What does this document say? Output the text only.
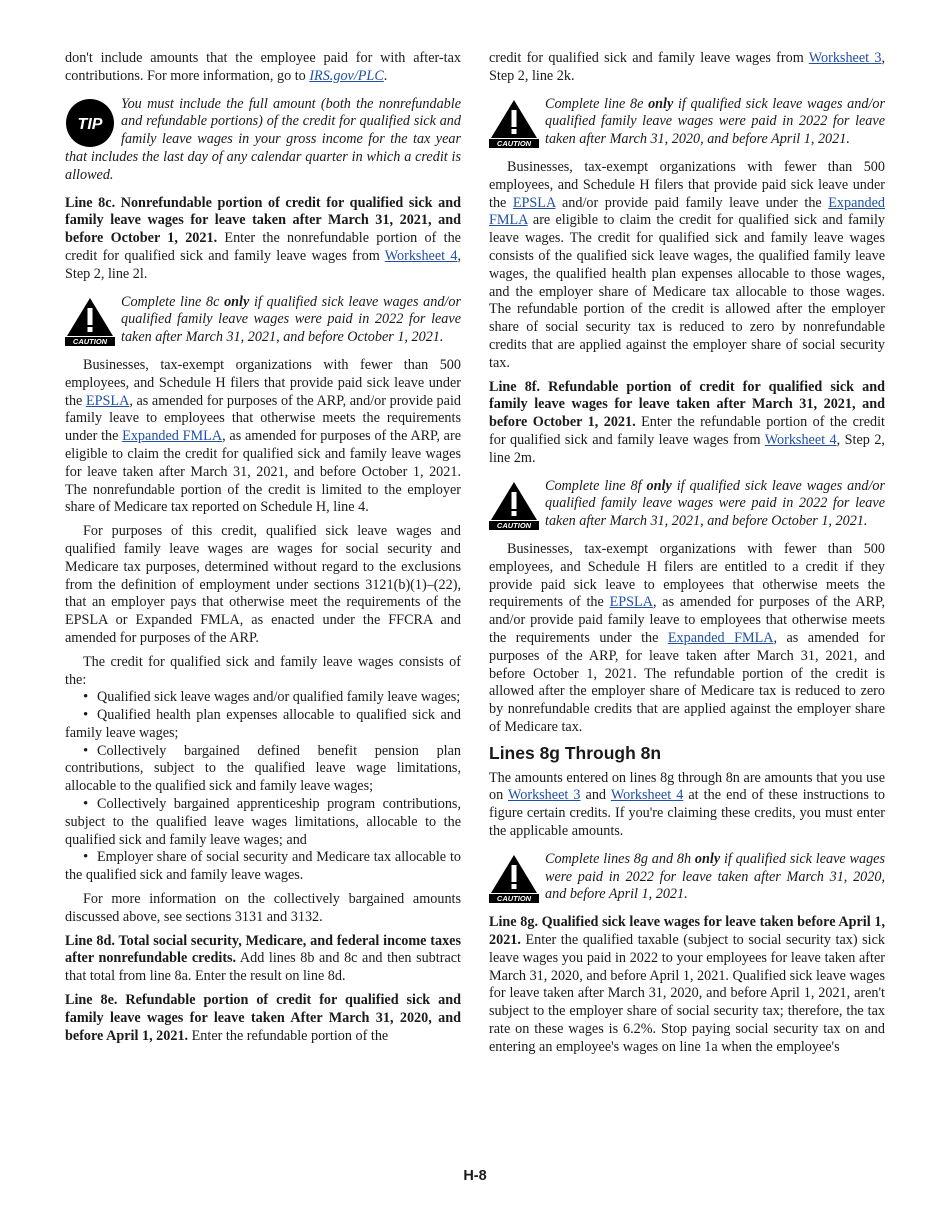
don't include amounts that the employee paid for with after-tax contributions. For more information, go to IRS.gov/PLC.

TIP
You must include the full amount (both the nonrefundable and refundable portions) of the credit for qualified sick and family leave wages in your gross income for the tax year that includes the last day of any calendar quarter in which a credit is allowed.

Line 8c. Nonrefundable portion of credit for qualified sick and family leave wages for leave taken after March 31, 2021, and before October 1, 2021. Enter the nonrefundable portion of the credit for qualified sick and family leave wages from Worksheet 4, Step 2, line 2l.

CAUTION
Complete line 8c only if qualified sick leave wages and/or qualified family leave wages were paid in 2022 for leave taken after March 31, 2021, and before October 1, 2021.

Businesses, tax-exempt organizations with fewer than 500 employees, and Schedule H filers that provide paid sick leave under the EPSLA, as amended for purposes of the ARP, and/or provide paid family leave to employees that otherwise meets the requirements under the Expanded FMLA, as amended for purposes of the ARP, are eligible to claim the credit for qualified sick and family leave wages for leave taken after March 31, 2021, and before October 1, 2021. The nonrefundable portion of the credit is limited to the employer share of Medicare tax reported on Schedule H, line 4.

For purposes of this credit, qualified sick leave wages and qualified family leave wages are wages for social security and Medicare tax purposes, determined without regard to the exclusions from the definition of employment under sections 3121(b)(1)–(22), that an employer pays that otherwise meet the requirements of the EPSLA or Expanded FMLA, as enacted under the FFCRA and amended for purposes of the ARP.

The credit for qualified sick and family leave wages consists of the:

• Qualified sick leave wages and/or qualified family leave wages;

• Qualified health plan expenses allocable to qualified sick and family leave wages;

• Collectively bargained defined benefit pension plan contributions, subject to the qualified leave wage limitations, allocable to the qualified sick and family leave wages;

• Collectively bargained apprenticeship program contributions, subject to the qualified leave wages limitations, allocable to the qualified sick and family leave wages; and

• Employer share of social security and Medicare tax allocable to the qualified sick and family leave wages.

For more information on the collectively bargained amounts discussed above, see sections 3131 and 3132.

Line 8d. Total social security, Medicare, and federal income taxes after nonrefundable credits. Add lines 8b and 8c and then subtract that total from line 8a. Enter the result on line 8d.

Line 8e. Refundable portion of credit for qualified sick and family leave wages for leave taken After March 31, 2020, and before April 1, 2021. Enter the refundable portion of the

credit for qualified sick and family leave wages from Worksheet 3, Step 2, line 2k.

CAUTION
Complete line 8e only if qualified sick leave wages and/or qualified family leave wages were paid in 2022 for leave taken after March 31, 2020, and before April 1, 2021.

Businesses, tax-exempt organizations with fewer than 500 employees, and Schedule H filers that provide paid sick leave under the EPSLA and/or provide paid family leave under the Expanded FMLA are eligible to claim the credit for qualified sick and family leave wages. The credit for qualified sick and family leave wages consists of the qualified sick leave wages, the qualified family leave wages, the qualified health plan expenses allocable to those wages, and the employer share of Medicare tax allocable to those wages. The refundable portion of the credit is allowed after the employer share of social security tax is reduced to zero by nonrefundable credits that are applied against the employer share of social security tax.

Line 8f. Refundable portion of credit for qualified sick and family leave wages for leave taken after March 31, 2021, and before October 1, 2021. Enter the refundable portion of the credit for qualified sick and family leave wages from Worksheet 4, Step 2, line 2m.

CAUTION
Complete line 8f only if qualified sick leave wages and/or qualified family leave wages were paid in 2022 for leave taken after March 31, 2021, and before October 1, 2021.

Businesses, tax-exempt organizations with fewer than 500 employees, and Schedule H filers are entitled to a credit if they provide paid sick leave to employees that otherwise meets the requirements of the EPSLA, as amended for purposes of the ARP, and/or provide paid family leave to employees that otherwise meets the requirements under the Expanded FMLA, as amended for purposes of the ARP, for leave taken after March 31, 2021, and before October 1, 2021. The refundable portion of the credit is allowed after the employer share of Medicare tax is reduced to zero by nonrefundable credits that are applied against the employer share of Medicare tax.

Lines 8g Through 8n

The amounts entered on lines 8g through 8n are amounts that you use on Worksheet 3 and Worksheet 4 at the end of these instructions to figure certain credits. If you're claiming these credits, you must enter the applicable amounts.

CAUTION
Complete lines 8g and 8h only if qualified sick leave wages were paid in 2022 for leave taken after March 31, 2020, and before April 1, 2021.

Line 8g. Qualified sick leave wages for leave taken before April 1, 2021. Enter the qualified taxable (subject to social security tax) sick leave wages you paid in 2022 to your employees for leave taken after March 31, 2020, and before April 1, 2021. Qualified sick leave wages for leave taken after March 31, 2020, and before April 1, 2021, aren't subject to the employer share of social security tax; therefore, the tax rate on these wages is 6.2%. Stop paying social security tax on and entering an employee's wages on line 1a when the employee's

H-8
